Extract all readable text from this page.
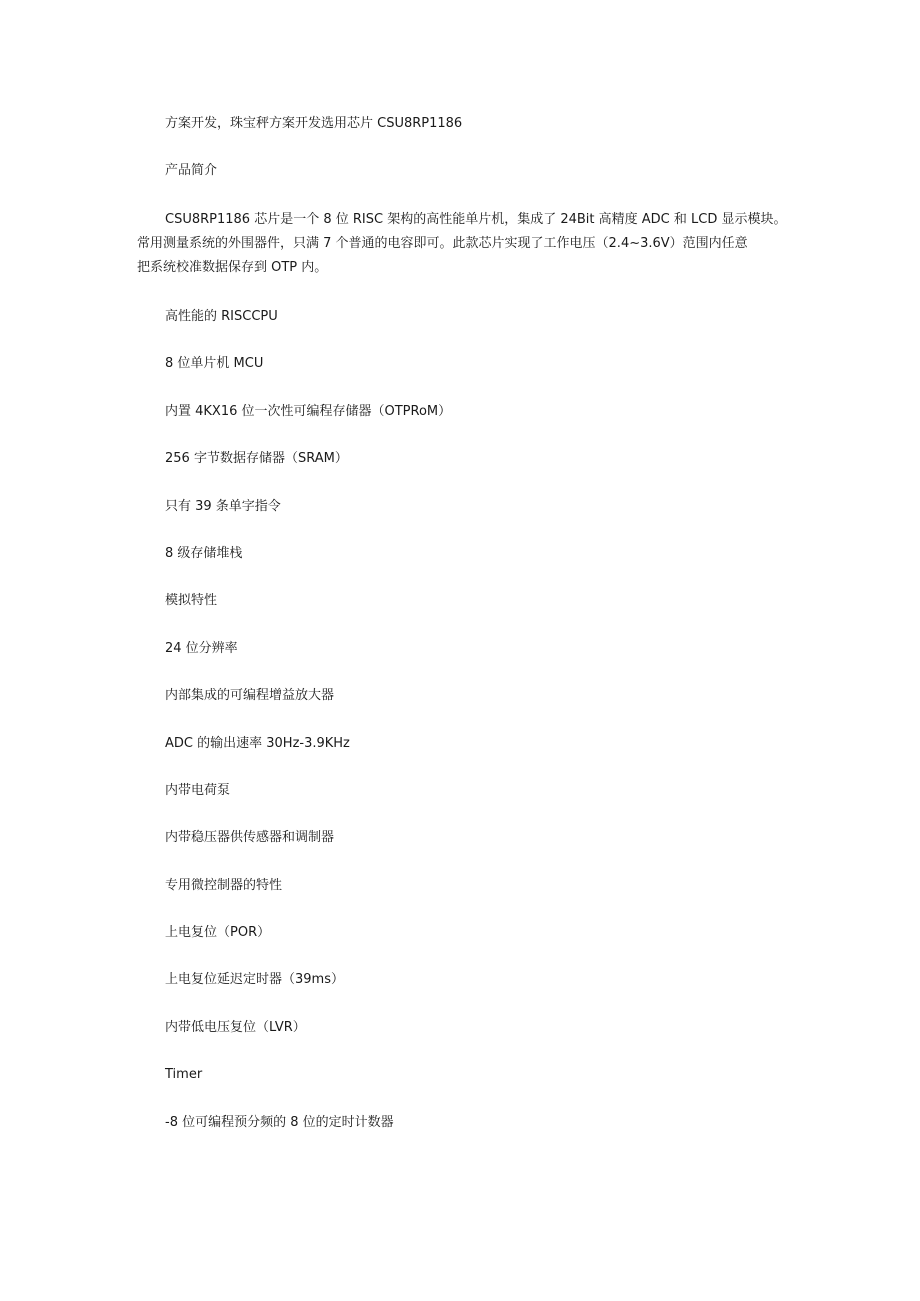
方案开发，珠宝秤方案开发选用芯片 CSU8RP1186

产品简介

CSU8RP1186 芯片是一个 8 位 RISC 架构的高性能单片机，集成了 24Bit 高精度 ADC 和 LCD 显示模块。
常用测量系统的外围器件，只满 7 个普通的电容即可。此款芯片实现了工作电压（2.4~3.6V）范围内任意
把系统校准数据保存到 OTP 内。

高性能的 RISCCPU
8 位单片机 MCU
内置 4KX16 位一次性可编程存储器（OTPRoM）
256 字节数据存储器（SRAM）
只有 39 条单字指令
8 级存储堆栈
模拟特性
24 位分辨率
内部集成的可编程增益放大器
ADC 的输出速率 30Hz-3.9KHz
内带电荷泵
内带稳压器供传感器和调制器
专用微控制器的特性
上电复位（POR）
上电复位延迟定时器（39ms）
内带低电压复位（LVR）
Timer
-8 位可编程预分频的 8 位的定时计数器
